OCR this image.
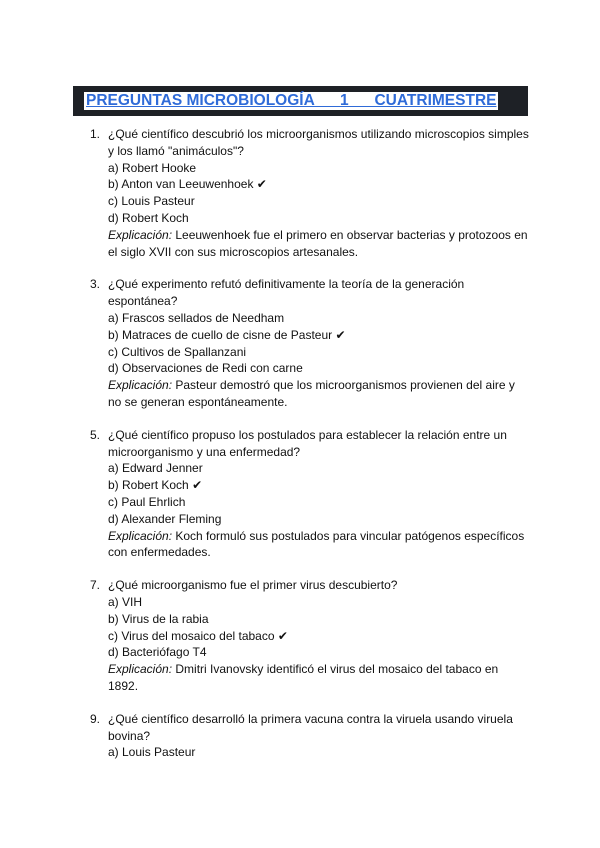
PREGUNTAS MICROBIOLOGÍA      1      CUATRIMESTRE
1. ¿Qué científico descubrió los microorganismos utilizando microscopios simples y los llamó "animáculos"?
a) Robert Hooke
b) Anton van Leeuwenhoek ✔
c) Louis Pasteur
d) Robert Koch
Explicación: Leeuwenhoek fue el primero en observar bacterias y protozoos en el siglo XVII con sus microscopios artesanales.
3. ¿Qué experimento refutó definitivamente la teoría de la generación espontánea?
a) Frascos sellados de Needham
b) Matraces de cuello de cisne de Pasteur ✔
c) Cultivos de Spallanzani
d) Observaciones de Redi con carne
Explicación: Pasteur demostró que los microorganismos provienen del aire y no se generan espontáneamente.
5. ¿Qué científico propuso los postulados para establecer la relación entre un microorganismo y una enfermedad?
a) Edward Jenner
b) Robert Koch ✔
c) Paul Ehrlich
d) Alexander Fleming
Explicación: Koch formuló sus postulados para vincular patógenos específicos con enfermedades.
7. ¿Qué microorganismo fue el primer virus descubierto?
a) VIH
b) Virus de la rabia
c) Virus del mosaico del tabaco ✔
d) Bacteriófago T4
Explicación: Dmitri Ivanovsky identificó el virus del mosaico del tabaco en 1892.
9. ¿Qué científico desarrolló la primera vacuna contra la viruela usando viruela bovina?
a) Louis Pasteur
